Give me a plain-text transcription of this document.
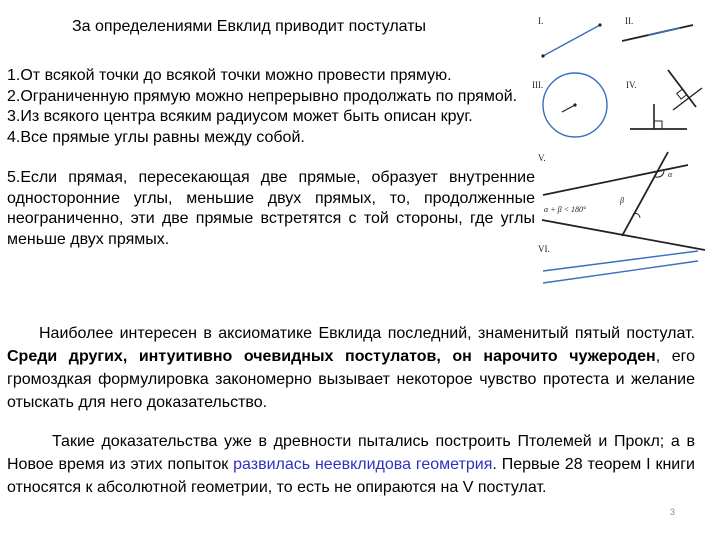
За определениями Евклид приводит постулаты

1.От всякой точки до всякой точки можно провести прямую.

2.Ограниченную прямую можно непрерывно продолжать по прямой.

3.Из всякого центра всяким радиусом может быть описан круг.

4.Все прямые углы равны между собой.

5.Если прямая, пересекающая две прямые, образует внутренние односторонние углы, меньшие двух прямых, то, продолженные неограниченно, эти две прямые встретятся с той стороны, где углы меньше двух прямых.

I.	II.
III.	IV.
V.
α
β
α + β < 180°
VI.

Наиболее интересен в аксиоматике Евклида последний, знаменитый пятый постулат. Среди других, интуитивно очевидных постулатов, он нарочито чужероден, его громоздкая формулировка закономерно вызывает некоторое чувство протеста и желание отыскать для него доказательство.

Такие доказательства уже в древности пытались построить Птолемей и Прокл; а в Новое время из этих попыток развилась неевклидова геометрия. Первые 28 теорем I книги относятся к абсолютной геометрии, то есть не опираются на V постулат.

3
